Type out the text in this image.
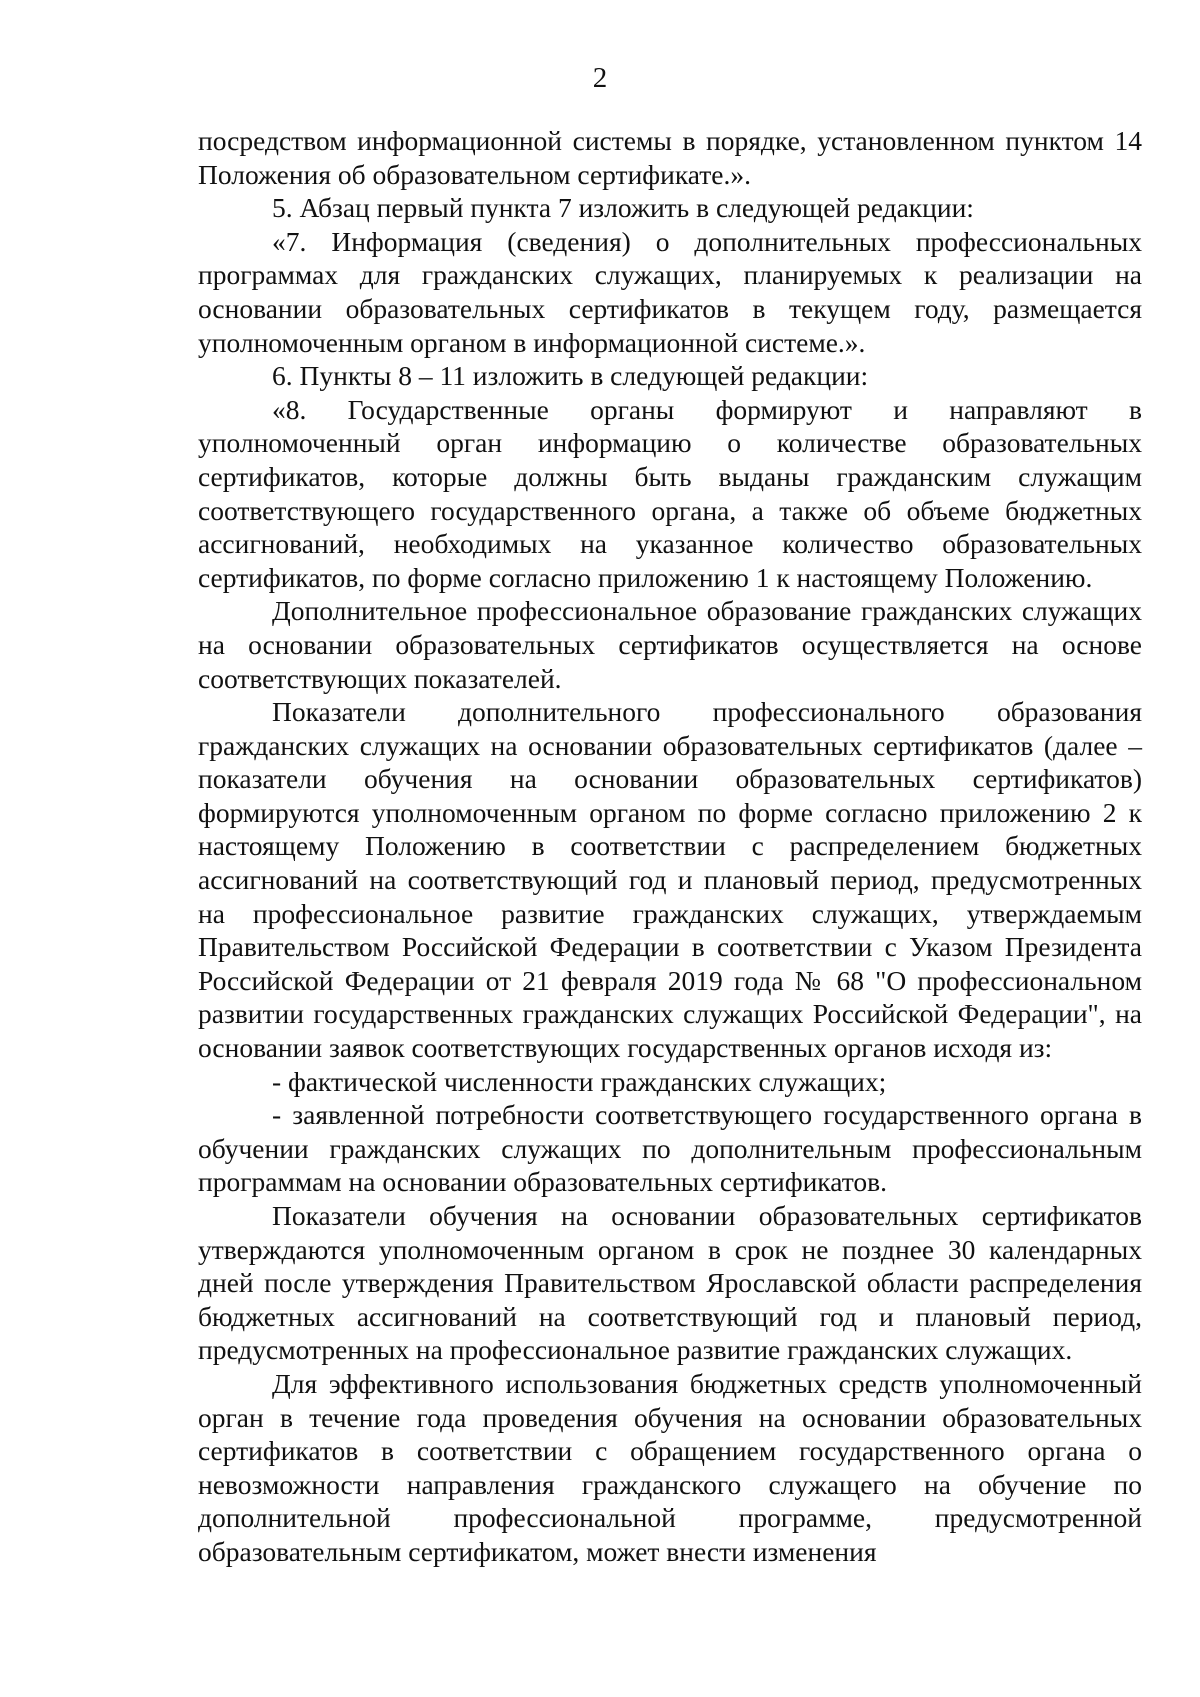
2

посредством информационной системы в порядке, установленном пунктом 14 Положения об образовательном сертификате.».

5. Абзац первый пункта 7 изложить в следующей редакции:

«7. Информация (сведения) о дополнительных профессиональных программах для гражданских служащих, планируемых к реализации на основании образовательных сертификатов в текущем году, размещается уполномоченным органом в информационной системе.».

6. Пункты 8 – 11 изложить в следующей редакции:

«8. Государственные органы формируют и направляют в уполномоченный орган информацию о количестве образовательных сертификатов, которые должны быть выданы гражданским служащим соответствующего государственного органа, а также об объеме бюджетных ассигнований, необходимых на указанное количество образовательных сертификатов, по форме согласно приложению 1 к настоящему Положению.

Дополнительное профессиональное образование гражданских служащих на основании образовательных сертификатов осуществляется на основе соответствующих показателей.

Показатели дополнительного профессионального образования гражданских служащих на основании образовательных сертификатов (далее – показатели обучения на основании образовательных сертификатов) формируются уполномоченным органом по форме согласно приложению 2 к настоящему Положению в соответствии с распределением бюджетных ассигнований на соответствующий год и плановый период, предусмотренных на профессиональное развитие гражданских служащих, утверждаемым Правительством Российской Федерации в соответствии с Указом Президента Российской Федерации от 21 февраля 2019 года № 68 "О профессиональном развитии государственных гражданских служащих Российской Федерации", на основании заявок соответствующих государственных органов исходя из:

- фактической численности гражданских служащих;

- заявленной потребности соответствующего государственного органа в обучении гражданских служащих по дополнительным профессиональным программам на основании образовательных сертификатов.

Показатели обучения на основании образовательных сертификатов утверждаются уполномоченным органом в срок не позднее 30 календарных дней после утверждения Правительством Ярославской области распределения бюджетных ассигнований на соответствующий год и плановый период, предусмотренных на профессиональное развитие гражданских служащих.

Для эффективного использования бюджетных средств уполномоченный орган в течение года проведения обучения на основании образовательных сертификатов в соответствии с обращением государственного органа о невозможности направления гражданского служащего на обучение по дополнительной профессиональной программе, предусмотренной образовательным сертификатом, может внести изменения
